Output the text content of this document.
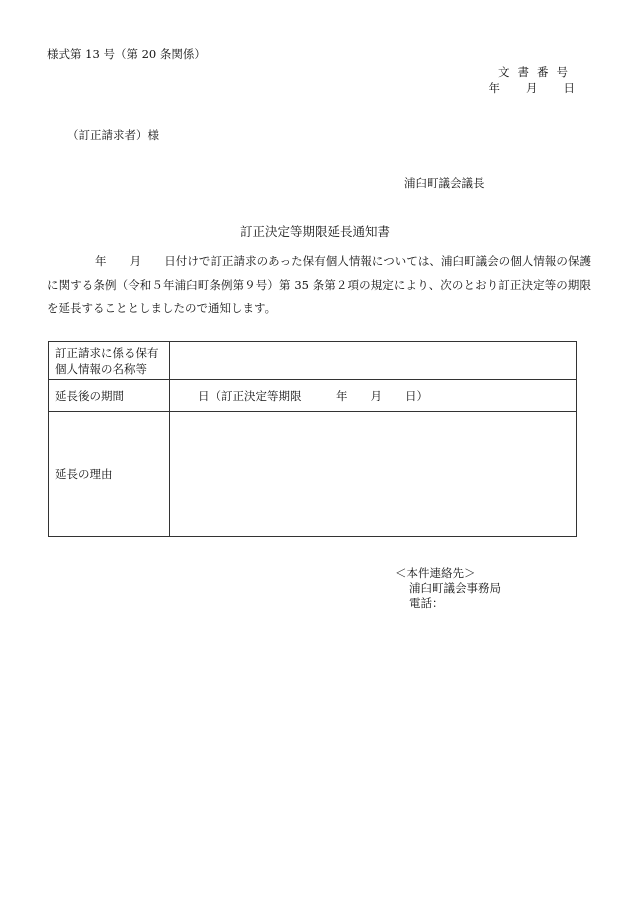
様式第 13 号（第 20 条関係）
文書番号
年　　月　　日
（訂正請求者）様
浦臼町議会議長
訂正決定等期限延長通知書
年　　月　　日付けで訂正請求のあった保有個人情報については、浦臼町議会の個人情報の保護に関する条例（令和５年浦臼町条例第９号）第 35 条第２項の規定により、次のとおり訂正決定等の期限を延長することとしましたので通知します。
訂正請求に係る保有
個人情報の名称等	

延長後の期間	日（訂正決定等期限　　　年　　月　　日）
延長の理由	
＜本件連絡先＞
浦臼町議会事務局
電話：
